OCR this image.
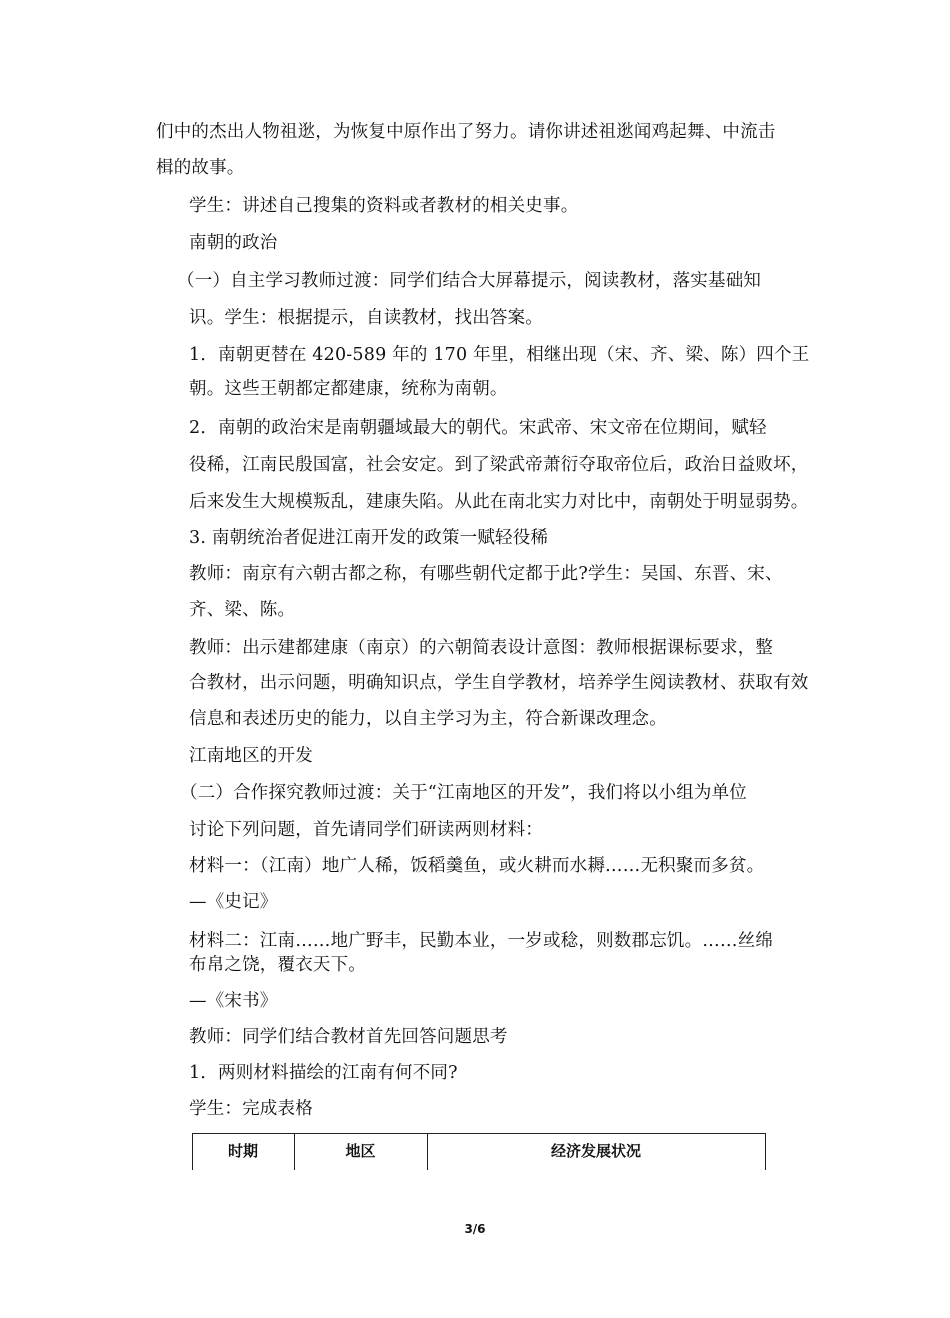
们中的杰出人物祖逖，为恢复中原作出了努力。请你讲述祖逖闻鸡起舞、中流击

楫的故事。

学生：讲述自己搜集的资料或者教材的相关史事。

南朝的政治

（一）自主学习教师过渡：同学们结合大屏幕提示，阅读教材，落实基础知

识。学生：根据提示，自读教材，找出答案。

1．南朝更替在 420-589 年的 170 年里，相继出现（宋、齐、梁、陈）四个王

朝。这些王朝都定都建康，统称为南朝。

2．南朝的政治宋是南朝疆域最大的朝代。宋武帝、宋文帝在位期间，赋轻

役稀，江南民殷国富，社会安定。到了梁武帝萧衍夺取帝位后，政治日益败坏，

后来发生大规模叛乱，建康失陷。从此在南北实力对比中，南朝处于明显弱势。

3. 南朝统治者促进江南开发的政策一赋轻役稀

教师：南京有六朝古都之称，有哪些朝代定都于此?学生：吴国、东晋、宋、

齐、梁、陈。

教师：出示建都建康（南京）的六朝简表设计意图：教师根据课标要求，整

合教材，出示问题，明确知识点，学生自学教材，培养学生阅读教材、获取有效

信息和表述历史的能力，以自主学习为主，符合新课改理念。

江南地区的开发

（二）合作探究教师过渡：关于“江南地区的开发”，我们将以小组为单位

讨论下列问题，首先请同学们研读两则材料：

材料一：（江南）地广人稀，饭稻羹鱼，或火耕而水耨……无积聚而多贫。

—《史记》

材料二：江南……地广野丰，民勤本业，一岁或稔，则数郡忘饥。……丝绵

布帛之饶，覆衣天下。

—《宋书》

教师：同学们结合教材首先回答问题思考

1．两则材料描绘的江南有何不同?

学生：完成表格

时期	地区	经济发展状况
3/6
